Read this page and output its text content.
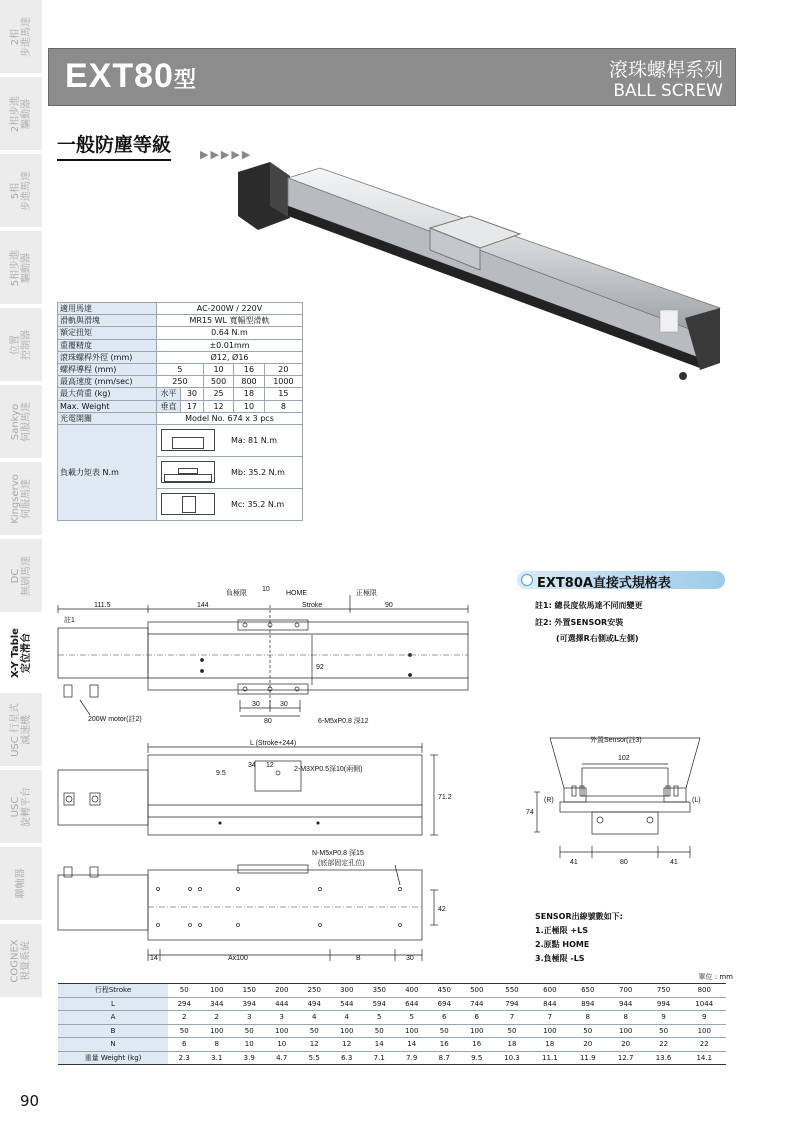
2相 步進馬達
2相步進 驅動器
5相 步進馬達
5相步進 驅動器
位置 控制器
Sankyo 伺服馬達
Kingservo 伺服馬達
DC 無刷馬達
X-Y Table 定位滑台
USC 行星式 減速機
USC 旋轉平台
聯軸器
COGNEX 視覺系統
EXT80型	滾珠螺桿系列
BALL SCREW
一般防塵等級	▶▶▶▶▶
適用馬達	AC-200W / 220V				
滑軌與滑塊	MR15 WL 寬幅型滑軌				
額定扭矩	0.64 N.m				
重覆精度	±0.01mm				
滾珠螺桿外徑 (mm)	Ø12, Ø16				
螺桿導程 (mm)	5		10	16	20
最高速度 (mm/sec)	250		500	800	1000
最大荷重 (kg)	水平	30	25	18	15
Max. Weight	垂直	17	12	10	8
光電開關	Model No. 674 x 3 pcs				
負載力矩表 N.m	Ma: 81 N.m				

	Mb: 35.2 N.m				

	Mc: 35.2 N.m				
EXT80A直接式規格表
註1: 總長度依馬達不同而變更
註2: 外置SENSOR安裝
(可選擇R右側或L左側)
SENSOR出線號數如下:
1.正極限 +LS
2.原點 HOME
3.負極限 -LS
負極限
10
HOME	正極限
111.5	144	Stroke	90
註1
92
30	30
80	6-M5xP0.8 深12
200W motor(註2)
L (Stroke+244)
34 12
9.5
2-M3XP0.5深10(兩側)
71.2
N-M5xP0.8 深15
(底部固定孔位)
14	Ax100	B	30
42
外置Sensor(註3)
102
(R)	(L)
74
41	80	41
單位 : mm
行程Stroke	50	100	150	200	250	300	350	400	450	500	550	600	650	700	750	800
L	294	344	394	444	494	544	594	644	694	744	794	844	894	944	994	1044
A	2	2	3	3	4	4	5	5	6	6	7	7	8	8	9	9
B	50	100	50	100	50	100	50	100	50	100	50	100	50	100	50	100
N	6	8	10	10	12	12	14	14	16	16	18	18	20	20	22	22
重量 Weight (kg)	2.3	3.1	3.9	4.7	5.5	6.3	7.1	7.9	8.7	9.5	10.3	11.1	11.9	12.7	13.6	14.1
90
